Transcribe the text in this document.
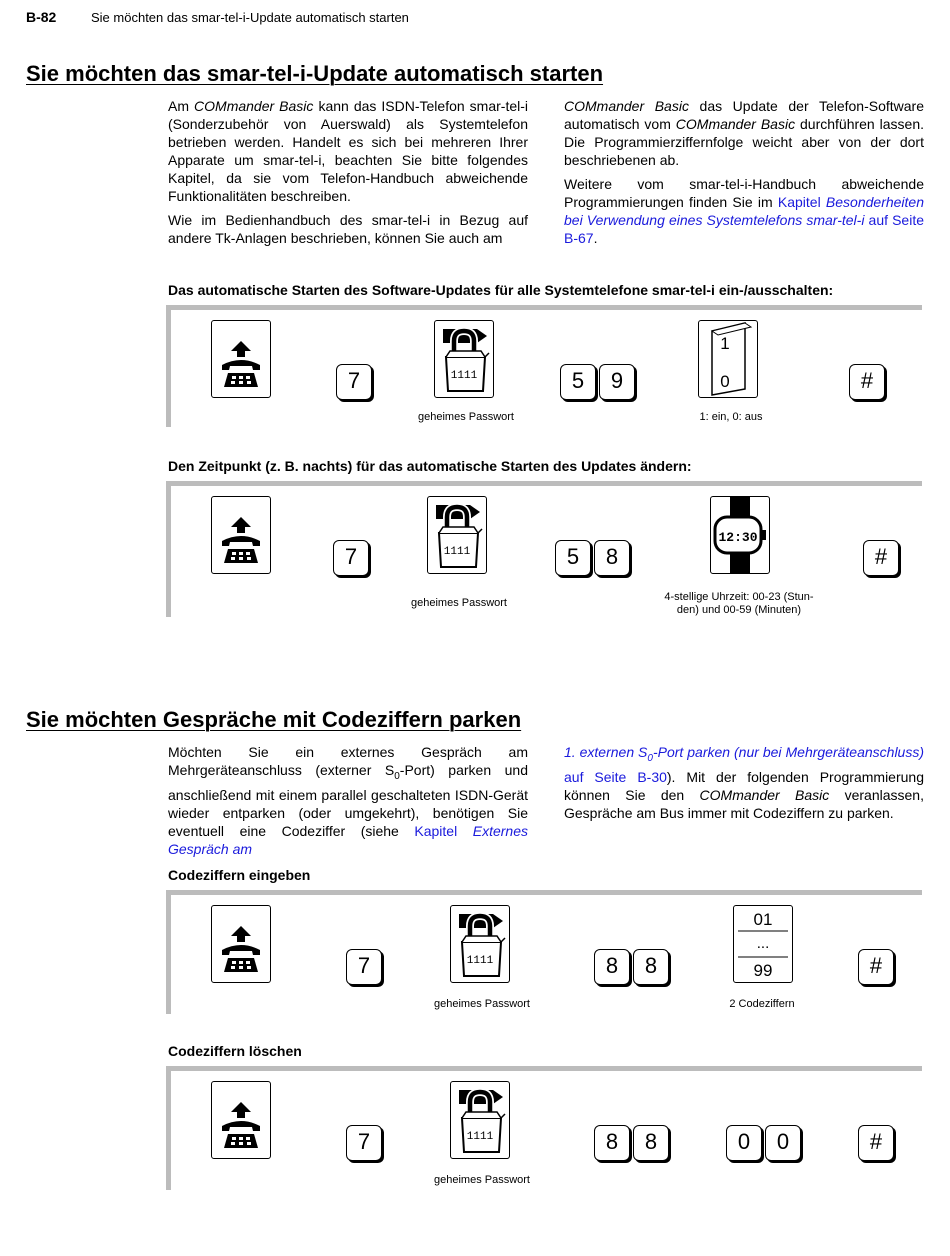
B-82	Sie möchten das smar-tel-i-Update automatisch starten
Sie möchten das smar-tel-i-Update automatisch starten

Am COMmander Basic kann das ISDN-Telefon smar-tel-i (Sonderzubehör von Auerswald) als Systemtelefon betrieben werden. Handelt es sich bei mehreren Ihrer Apparate um smar-tel-i, beachten Sie bitte folgendes Kapitel, da sie vom Telefon-Handbuch abweichende Funktionalitäten beschreiben.

Wie im Bedienhandbuch des smar-tel-i in Bezug auf andere Tk-Anlagen beschrieben, können Sie auch am

COMmander Basic das Update der Telefon-Software automatisch vom COMmander Basic durchführen lassen. Die Programmierziffernfolge weicht aber von der dort beschriebenen ab.

Weitere vom smar-tel-i-Handbuch abweichende Programmierungen finden Sie im Kapitel Besonderheiten bei Verwendung eines Systemtelefons smar-tel-i auf Seite B-67.

Das automatische Starten des Software-Updates für alle Systemtelefone smar-tel-i ein-/ausschalten:
7	1111
geheimes Passwort
5	9
1
0
1: ein, 0: aus
#
Den Zeitpunkt (z. B. nachts) für das automatische Starten des Updates ändern:
7	1111
geheimes Passwort
5	8
12:30
4-stellige Uhrzeit: 00-23 (Stun-
den) und 00-59 (Minuten)
#
Sie möchten Gespräche mit Codeziffern parken

Möchten Sie ein externes Gespräch am Mehrgeräteanschluss (externer $S_0-Port$) parken und anschließend mit einem parallel geschalteten ISDN-Gerät wieder entparken (oder umgekehrt), benötigen Sie eventuell eine Codeziffer (siehe Kapitel Externes Gespräch am

1. externen $S_0$-Port parken (nur bei Mehrgeräteanschluss) auf Seite B-30). Mit der folgenden Programmierung können Sie den COMmander Basic veranlassen, Gespräche am Bus immer mit Codeziffern zu parken.

Codeziffern eingeben
7	1111
geheimes Passwort
8	8
01
...
99
2 Codeziffern
#
Codeziffern löschen
7	1111
geheimes Passwort
8	8	0	0	#
